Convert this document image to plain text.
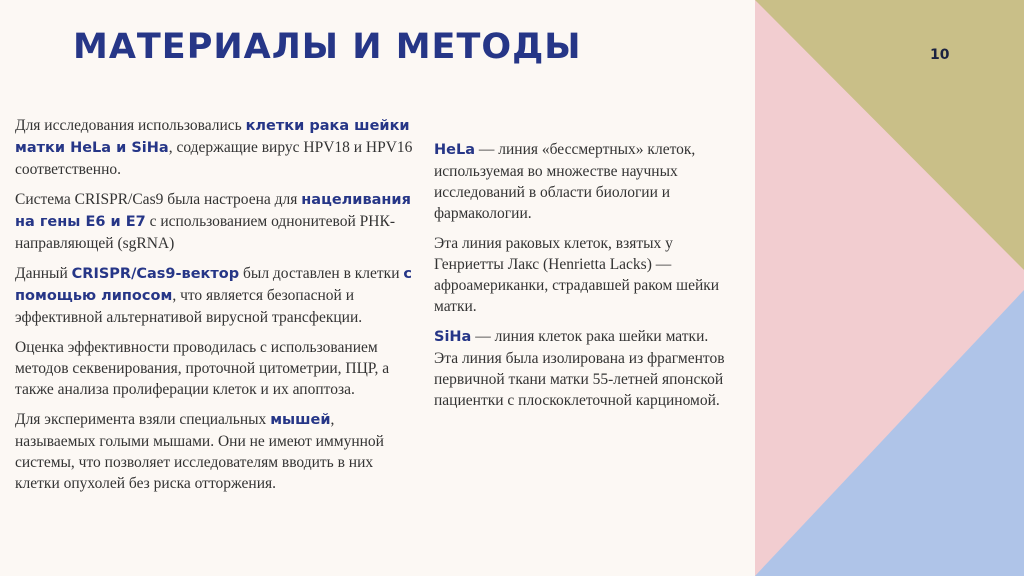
МАТЕРИАЛЫ И МЕТОДЫ	10

Для исследования использовались клетки рака шейки матки HeLa и SiHa, содержащие вирус HPV18 и HPV16 соответственно.

Система CRISPR/Cas9 была настроена для нацеливания на гены E6 и E7 с использованием однонитевой РНК-направляющей (sgRNA)

Данный CRISPR/Cas9-вектор был доставлен в клетки с помощью липосом, что является безопасной и эффективной альтернативой вирусной трансфекции.

Оценка эффективности проводилась с использованием методов секвенирования, проточной цитометрии, ПЦР, а также анализа пролиферации клеток и их апоптоза.

Для эксперимента взяли специальных мышей, называемых голыми мышами. Они не имеют иммунной системы, что позволяет исследователям вводить в них клетки опухолей без риска отторжения.

HeLa — линия «бессмертных» клеток, используемая во множестве научных исследований в области биологии и фармакологии.

Эта линия раковых клеток, взятых у Генриетты Лакс (Henrietta Lacks) — афроамериканки, страдавшей раком шейки матки.

SiHa — линия клеток рака шейки матки. Эта линия была изолирована из фрагментов первичной ткани матки 55-летней японской пациентки с плоскоклеточной карциномой.
